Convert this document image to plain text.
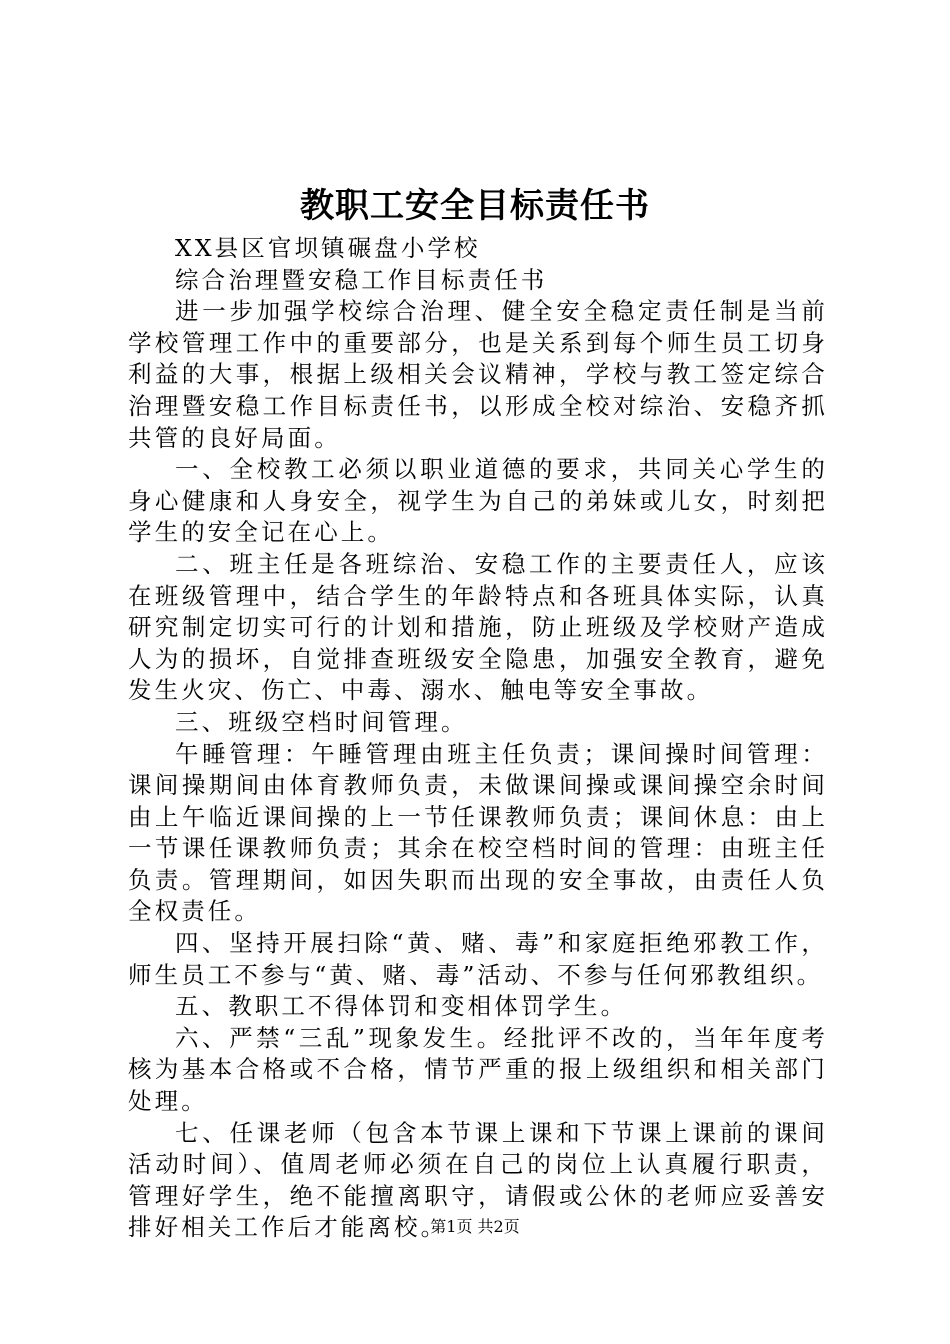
教职工安全目标责任书

XX县区官坝镇碾盘小学校

综合治理暨安稳工作目标责任书

进一步加强学校综合治理、健全安全稳定责任制是当前学校管理工作中的重要部分，也是关系到每个师生员工切身利益的大事，根据上级相关会议精神，学校与教工签定综合治理暨安稳工作目标责任书，以形成全校对综治、安稳齐抓共管的良好局面。

一、全校教工必须以职业道德的要求，共同关心学生的身心健康和人身安全，视学生为自己的弟妹或儿女，时刻把学生的安全记在心上。

二、班主任是各班综治、安稳工作的主要责任人，应该在班级管理中，结合学生的年龄特点和各班具体实际，认真研究制定切实可行的计划和措施，防止班级及学校财产造成人为的损坏，自觉排查班级安全隐患，加强安全教育，避免发生火灾、伤亡、中毒、溺水、触电等安全事故。

三、班级空档时间管理。

午睡管理：午睡管理由班主任负责；课间操时间管理：课间操期间由体育教师负责，未做课间操或课间操空余时间由上午临近课间操的上一节任课教师负责；课间休息：由上一节课任课教师负责；其余在校空档时间的管理：由班主任负责。管理期间，如因失职而出现的安全事故，由责任人负全权责任。

四、坚持开展扫除“黄、赌、毒”和家庭拒绝邪教工作，师生员工不参与“黄、赌、毒”活动、不参与任何邪教组织。

五、教职工不得体罚和变相体罚学生。

六、严禁“三乱”现象发生。经批评不改的，当年年度考核为基本合格或不合格，情节严重的报上级组织和相关部门处理。

七、任课老师（包含本节课上课和下节课上课前的课间活动时间）、值周老师必须在自己的岗位上认真履行职责，管理好学生，绝不能擅离职守，请假或公休的老师应妥善安排好相关工作后才能离校。

第1页 共2页
